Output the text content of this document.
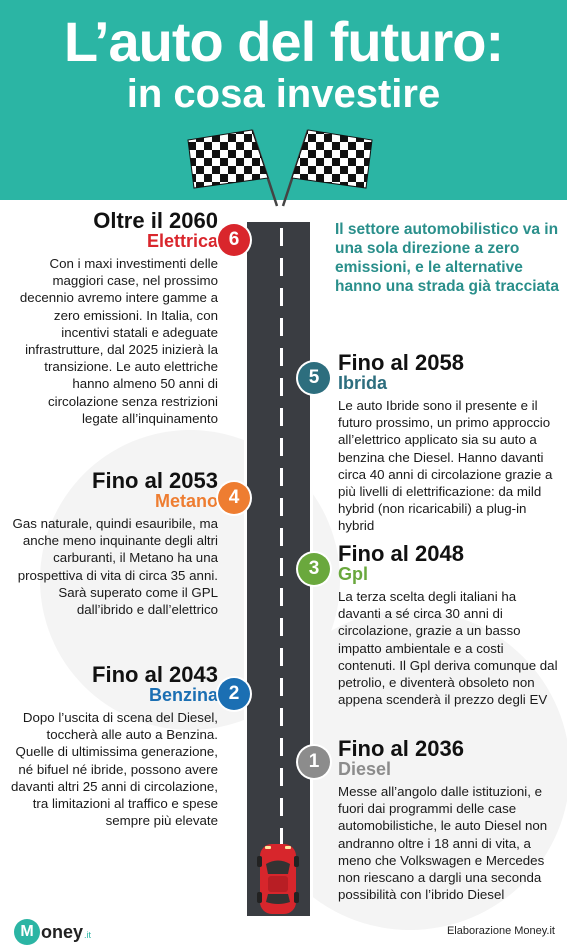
L’auto del futuro:
in cosa investire
Il settore automobilistico va in una sola direzione a zero emissioni, e le alternative hanno una strada già tracciata
Oltre il 2060
Elettrica
Con i maxi investimenti delle maggiori case, nel prossimo decennio avremo intere gamme a zero emissioni. In Italia, con incentivi statali e adeguate infrastrutture, dal 2025 inizierà la transizione. Le auto elettriche hanno almeno 50 anni di circolazione senza restrizioni legate all’inquinamento
6
5
Fino al 2058
Ibrida
Le auto Ibride sono il presente e il futuro prossimo, un primo approccio all’elettrico applicato sia su auto a benzina che Diesel. Hanno davanti circa 40 anni di circolazione grazie a più livelli di elettrificazione: da mild hybrid (non ricaricabili) a plug-in hybrid
Fino al 2053
Metano
Gas naturale, quindi esauribile, ma anche meno inquinante degli altri carburanti, il Metano ha una prospettiva di vita di circa 35 anni. Sarà superato come il GPL dall’ibrido e dall’elettrico
4
3
Fino al 2048
Gpl
La terza scelta degli italiani ha davanti a sé circa 30 anni di circolazione, grazie a un basso impatto ambientale e a costi contenuti. Il Gpl deriva comunque dal petrolio, e diventerà obsoleto non appena scenderà il prezzo degli EV
Fino al 2043
Benzina
Dopo l’uscita di scena del Diesel, toccherà alle auto a Benzina. Quelle di ultimissima generazione, né bifuel né ibride, possono avere davanti altri 25 anni di circolazione, tra limitazioni al traffico e spese sempre più elevate
2
1
Fino al 2036
Diesel
Messe all’angolo dalle istituzioni, e fuori dai programmi delle case automobilistiche, le auto Diesel non andranno oltre i 18 anni di vita, a meno che Volkswagen e Mercedes non riescano a dargli una seconda possibilità con l’ibrido Diesel
M oney .it	Elaborazione Money.it
